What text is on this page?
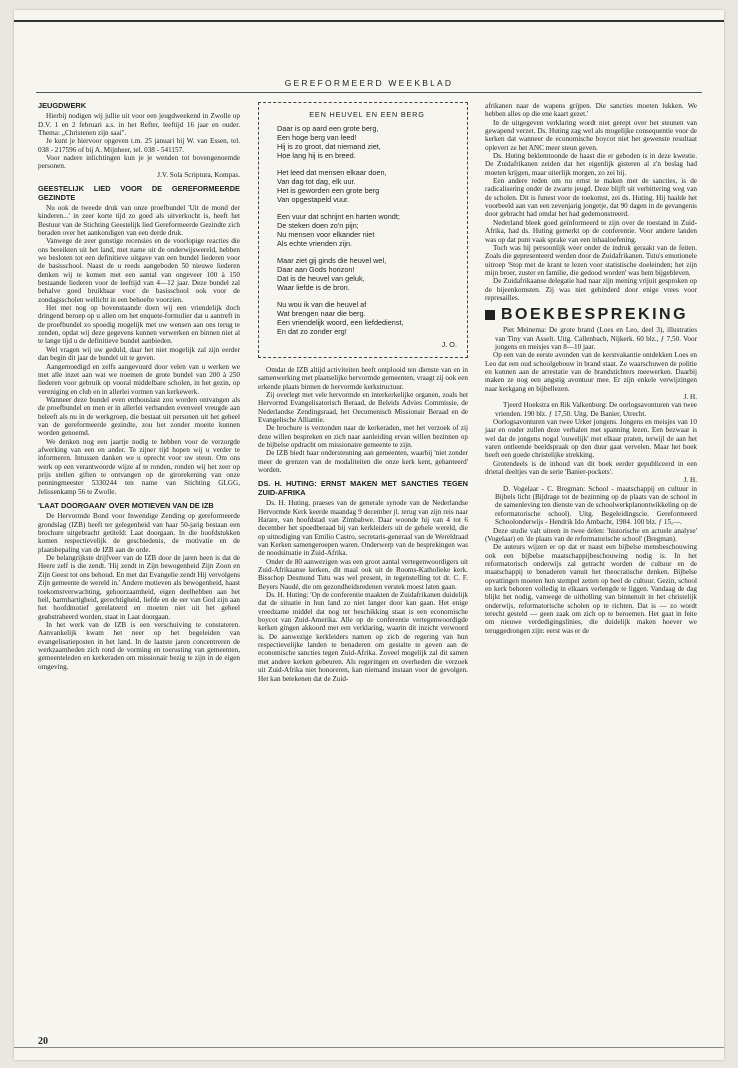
GEREFORMEERD WEEKBLAD
JEUGDWERK

Hierbij nodigen wij jullie uit voor een jeugdweekend in Zwolle op D.V. 1 en 2 februari a.s. in het Refter, leeftijd 16 jaar en ouder. Thema: „Christenen zijn saai".

Je kunt je hiervoor opgeven t.m. 25 januari bij W. van Essen, tel. 038 - 217596 of bij A. Mijnheer, tel. 038 - 541157.

Voor nadere inlichtingen kun je je wenden tot bovengenoemde personen.

J.V. Sola Scriptura, Kompas.

GEESTELIJK LIED VOOR DE GEREFORMEERDE GEZINDTE

Nu ook de tweede druk van onze proefbundel 'Uit de mond der kinderen...' in zeer korte tijd zo goed als uitverkocht is, heeft het Bestuur van de Stichting Geestelijk lied Gereformeerde Gezindte zich beraden over het aankondigen van een derde druk.

Vanwege de zeer gunstige recensies en de voorlopige reacties die ons bereikten uit het land, met name uit de onderwijswereld, hebben we besloten tot een definitieve uitgave van een bundel liederen voor de basisschool. Naast de u reeds aangeboden 50 nieuwe liederen denken wij te komen met een aantal van ongeveer 100 à 150 bestaande liederen voor de leeftijd van 4—12 jaar. Deze bundel zal behalve goed bruikbaar voor de basisschool ook voor de zondagsscholen wellicht in een behoefte voorzien.

Het met nog op bovenstaande doen wij een vriendelijk doch dringend beroep op u allen om het enquete-formulier dat u aantreft in de proefbundel zo spoedig mogelijk met uw wensen aan ons terug te zenden, opdat wij deze gegevens kunnen verwerken en binnen niet al te lange tijd u de definitieve bundel aanbieden.

Wel vragen wij uw geduld, daar het niet mogelijk zal zijn eerder dan begin dit jaar de bundel uit te geven.

Aangemoedigd en zelfs aangevuurd door velen van u werken we met alle inzet aan wat we noemen de grote bundel van 200 à 250 liederen voor gebruik op vooral middelbare scholen, in het gezin, op vereniging en club en in allerlei vormen van kerkewerk.

Wanneer deze bundel even enthousiast zou worden ontvangen als de proefbundel en men er in allerlei verbanden evenveel vreugde aan beleeft als nu in de werkgroep, die bestaat uit personen uit het geheel van de gereformeerde gezindte, zou het zonder moeite kunnen worden genoemd.

We denken nog een jaartje nodig te hebben voor de verzorgde afwerking van een en ander. Te zijner tijd hopen wij u verder te informeren. Intussen danken we u oprecht voor uw steun. Om ons werk op een verantwoorde wijze af te ronden, ronden wij het zeer op prijs stellen giften te ontvangen op de girorekening van onze penningmeester 5330244 ten name van Stichting GLGG, Jelissenkamp 56 te Zwolle.

'LAAT DOORGAAN' OVER MOTIEVEN VAN DE IZB

De Hervormde Bond voor Inwendige Zending op gereformeerde grondslag (IZB) heeft ter gelegenheid van haar 50-jarig bestaan een brochure uitgebracht getiteld: Laat doorgaan. In die hoofdstukken komen respectievelijk de geschiedenis, de motivatie en de plaatsbepaling van de IZB aan de orde.

De belangrijkste drijfveer van de IZB door de jaren heen is dat de Heere zelf is die zendt. 'Hij zendt in Zijn bewogenheid Zijn Zoon en Zijn Geest tot ons behoud. En met dat Evangelie zendt Hij vervolgens Zijn gemeente de wereld in.' Andere motieven als bewogenheid, haast toekomstverwachting, gehoorzaamheid, eigen deelhebben aan het heil, barmhartigheid, gerechtigheid, liefde en de eer van God zijn aan het hoofdmotief gerelateerd en moeten niet uit het geheel geabstraheerd worden, staat in Laat doorgaan.

In het werk van de IZB is een verschuiving te constateren. Aanvankelijk kwam het neer op het begeleiden van evangelisatieposten in het land. In de laatste jaren concentreren de werkzaamheden zich rond de vorming en toerusting van gemeenten, gemeenteleden en kerkeraden om missionair bezig te zijn in de eigen omgeving.

EEN HEUVEL EN EEN BERG
Daar is op aard een grote berg,
Een hoge berg van leed!
Hij is zo groot, dat niemand ziet,
Hoe lang hij is en breed.
Het leed dat mensen elkaar doen,
Van dag tot dag, elk uur.
Het is geworden een grote berg
Van opgestapeld vuur.
Een vuur dat schrijnt en harten wondt;
De steken doen zo'n pijn;
Nu mensen voor elkander niet
Als echte vrienden zijn.
Maar ziet gij ginds die heuvel wel,
Daar aan Gods horizon!
Dat is de heuvel van geluk,
Waar liefde is de bron.
Nu wou ik van die heuvel af
Wat brengen naar die berg.
Een vriendelijk woord, een liefdedienst,
En dat zo zonder erg!
J. O.

Omdat de IZB altijd activiteiten heeft ontplooid ten dienste van en in samenwerking met plaatselijke hervormde gemeenten, vraagt zij ook een erkende plaats binnen de hervormde kerkstructuur.

Zij overlegt met vele hervormde en interkerkelijke organen, zoals het Hervormd Evangelisatorisch Beraad, de Beleids Advies Commissie, de Nederlandse Zendingsraad, het Oecumenisch Missionair Beraad en de Evangelische Alliantie.

De brochure is verzonden naar de kerkeraden, met het verzoek of zij deze willen bespreken en zich naar aanleiding ervan willen bezinnen op de bijbelse opdracht om missionaire gemeente te zijn.

De IZB biedt haar ondersteuning aan gemeenten, waarbij 'niet zonder meer de grenzen van de modaliteiten die onze kerk kent, gehanteerd' worden.

DS. H. HUTING: ERNST MAKEN MET SANCTIES TEGEN ZUID-AFRIKA

Ds. H. Huting, praeses van de generale synode van de Nederlandse Hervormde Kerk keerde maandag 9 december jl. terug van zijn reis naar Harare, van hoofdstad van Zimbabwe. Daar woonde hij van 4 tot 6 december het spoedberaad bij van kerkleiders uit de gehele wereld, die op uitnodiging van Emilio Castro, secretaris-generaal van de Wereldraad van Kerken samengeroepen waren. Onderwerp van de besprekingen was de noodsituatie in Zuid-Afrika.

Onder de 80 aanwezigen was een groot aantal vertegenwoordigers uit Zuid-Afrikaanse kerken, dit maal ook uit de Rooms-Katholieke kerk. Bisschop Desmond Tutu was wel present, in tegenstelling tot dr. C. F. Beyers Naudé, die om gezondheidsredenen verstek moest laten gaan.

Ds. H. Huting: 'Op de conferentie maakten de Zuidafrikanen duidelijk dat de situatie in hun land zo niet langer door kan gaan. Het enige vreedzame middel dat nog ter beschikking staat is een economische boycot van Zuid-Amerika. Alle op de conferentie vertegenwoordigde kerken gingen akkoord met een verklaring, waarin dit inzicht verwoord is. De aanwezige kerkleiders namen op zich de regering van hun respectievelijke landen te benaderen om gestalte te geven aan de economische sancties tegen Zuid-Afrika. Zoveel mogelijk zal dit samen met andere kerken gebeuren. Als regeringen en overheden die verzoek uit Zuid-Afrika niet honoreren, kan niemand instaan voor de gevolgen. Het kan betekenen dat de Zuid-

afrikanen naar de wapens grijpen. Die sancties moeten lukken. We hebben alles op die ene kaart gezet.'

In de uitgegeven verklaring wordt niet gerept over het steunen van gewapend verzet. Ds. Huting zag wel als mogelijke consequentie voor de kerken dat wanneer de economische boycot niet het gewenste resultaat oplevert ze het ANC meer steun geven.

Ds. Huting beklemtoonde de haast die er geboden is in deze kwestie. De Zuidafrikanen zeiden dat het eigenlijk gisteren al z'n beslag had moeten krijgen, maar uiterlijk morgen, zo zei hij.

Een andere reden om nu ernst te maken met de sancties, is de radicalisering onder de zwarte jeugd. Deze blijft uit verbittering weg van de scholen. Dit is funest voor de toekomst, zei ds. Huting. Hij haalde het voorbeeld aan van een zevenjarig jongetje, dat 90 dagen in de gevangenis door gebracht had omdat het had gedemonstreerd.

Nederland bleek goed geïnformeerd te zijn over de toestand in Zuid-Afrika, had ds. Huting gemerkt op de conferentie. Voor andere landen was op dat punt vaak sprake van een inhaaloefening.

Toch was hij persoonlijk weer onder de indruk geraakt van de feiten. Zoals die gepresenteerd werden door de Zuidafrikanen. Tutu's emotionele uitroep 'Stop met de krant te lezen voor statistische doeleinden; het zijn mijn broer, zuster en familie, die gedood worden' was hem bijgebleven.

De Zuidafrikaanse delegatie had naar zijn mening vrijuit gesproken op de bijeenkomsten. Zij was niet gehinderd door enige vrees voor represailles.

BOEKBESPREKING

Piet Meinema: De grote brand (Loes en Leo, deel 3), illustraties van Tiny van Asselt. Uitg. Callenbach, Nijkerk. 60 blz., ƒ 7,50. Voor jongens en meisjes van 8—10 jaar.

Op een van de eerste avonden van de kerstvakantie ontdekken Loes en Leo dat een oud schoolgebouw in brand staat. Ze waarschuwen de politie en kunnen aan de arrestatie van de brandstichters meewerken. Daarbij maken ze nog een angstig avontuur mee. Er zijn enkele verwijzingen naar kerkgang en bijbellezen.

J. H.

Tjeerd Hoekstra en Rik Valkenburg: De oorlogsavonturen van twee vrienden. 190 blz. ƒ 17,50. Uitg. De Banier, Utrecht.

Oorlogsavonturen van twee Urker jongens. Jongens en meisjes van 10 jaar en ouder zullen deze verhalen met spanning lezen. Een bezwaar is wel dat de jongens nogal 'ouwelijk' met elkaar praten, terwijl de aan het varen ontleende beeldspraak op den duur gaat vervelen. Maar het boek heeft een goede christelijke strekking.

Grotendeels is de inhoud van dit boek eerder gepubliceerd in een drietal deeltjes van de serie 'Banier-pockets'.

J. H.

D. Vogelaar - C. Bregman: School - maatschappij en cultuur in Bijbels licht (Bijdrage tot de bezinning op de plaats van de school in de samenleving ten dienste van de schoolwerkplanontwikkeling op de reformatorische school). Uitg. Begeleidingscie. Gereformeerd Schoolonderwijs - Hendrik Ido Ambacht, 1984. 100 blz. ƒ 15,—.

Deze studie valt uiteen in twee delen: 'historische en actuele analyse' (Vogelaar) en 'de plaats van de reformatorische school' (Bregman).

De auteurs wijzen er op dat er naast een bijbelse mensbeschouwing ook een bijbelse maatschappijbeschouwing nodig is. In het reformatorisch onderwijs zal getracht worden de cultuur en de maatschappij te benaderen vanuit het theocratische denken. Bijbelse opvattingen moeten hun stempel zetten op heel de cultuur. Gezin, school en kerk behoren volledig in elkaars verlengde te liggen. Vandaag de dag blijkt het nodig, vanwege de uitholling van binnenuit in het christelijk onderwijs, reformatorische scholen op te richten. Dat is — zo wordt terecht gesteld — geen zaak om zich op te beroemen. Het gaat in feite om nieuwe verdedigingslinies, die duidelijk maken hoever we teruggedrongen zijn: eerst was er de

20
